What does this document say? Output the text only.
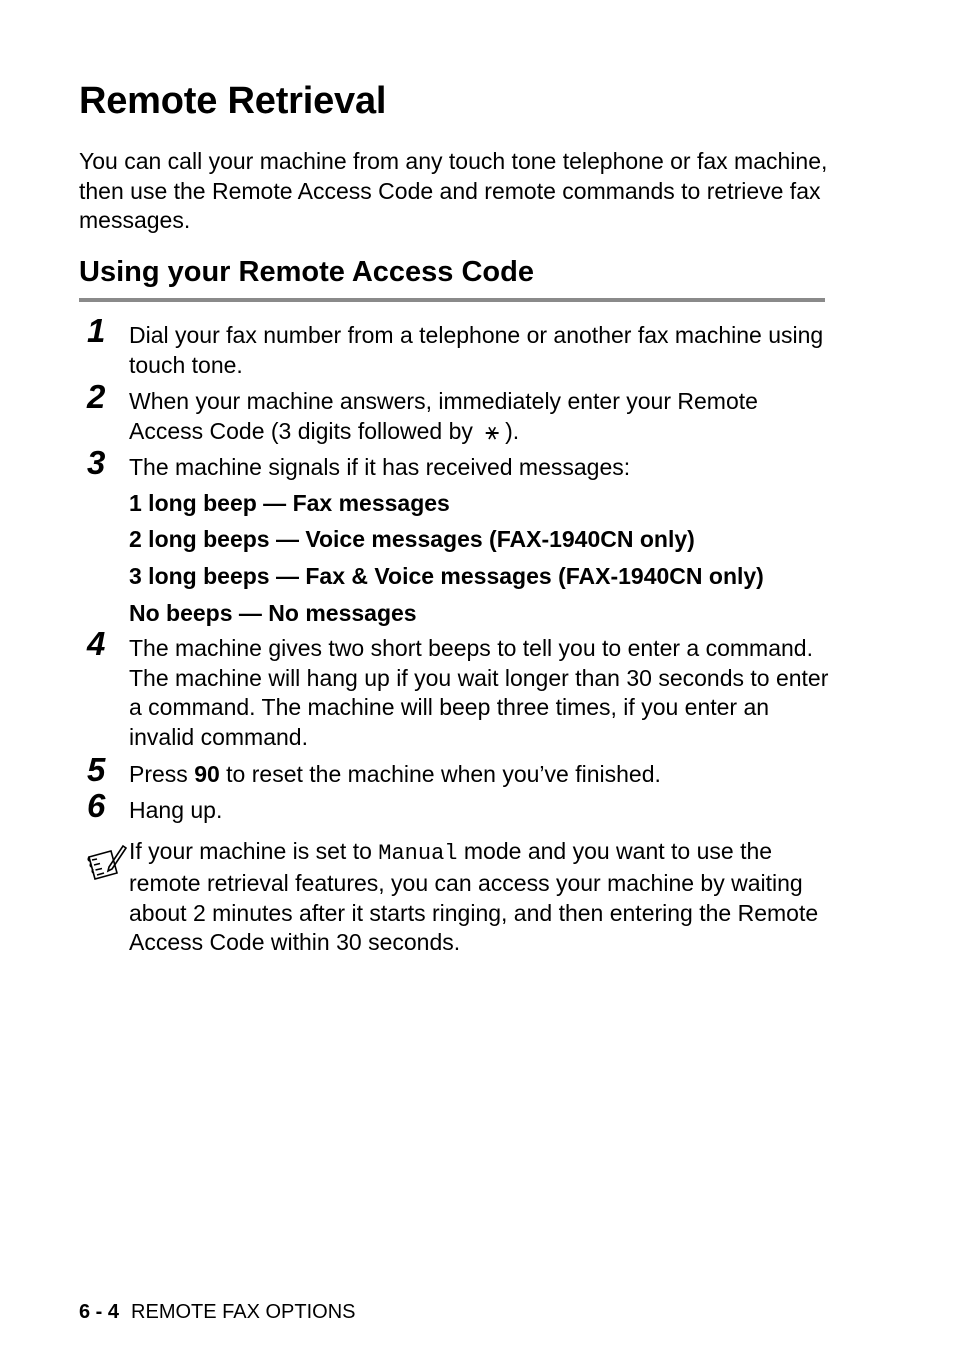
Remote Retrieval

You can call your machine from any touch tone telephone or fax machine, then use the Remote Access Code and remote commands to retrieve fax messages.

Using your Remote Access Code
1 Dial your fax number from a telephone or another fax machine using touch tone.

2 When your machine answers, immediately enter your Remote Access Code (3 digits followed by ⚹ ).

3 The machine signals if it has received messages:

1 long beep — Fax messages
2 long beeps — Voice messages (FAX-1940CN only)
3 long beeps — Fax & Voice messages (FAX-1940CN only)
No beeps — No messages
4 The machine gives two short beeps to tell you to enter a command. The machine will hang up if you wait longer than 30 seconds to enter a command. The machine will beep three times, if you enter an invalid command.

5 Press 90 to reset the machine when you’ve finished.

6 Hang up.

If your machine is set to Manual mode and you want to use the remote retrieval features, you can access your machine by waiting about 2 minutes after it starts ringing, and then entering the Remote Access Code within 30 seconds.

6 - 4 REMOTE FAX OPTIONS
